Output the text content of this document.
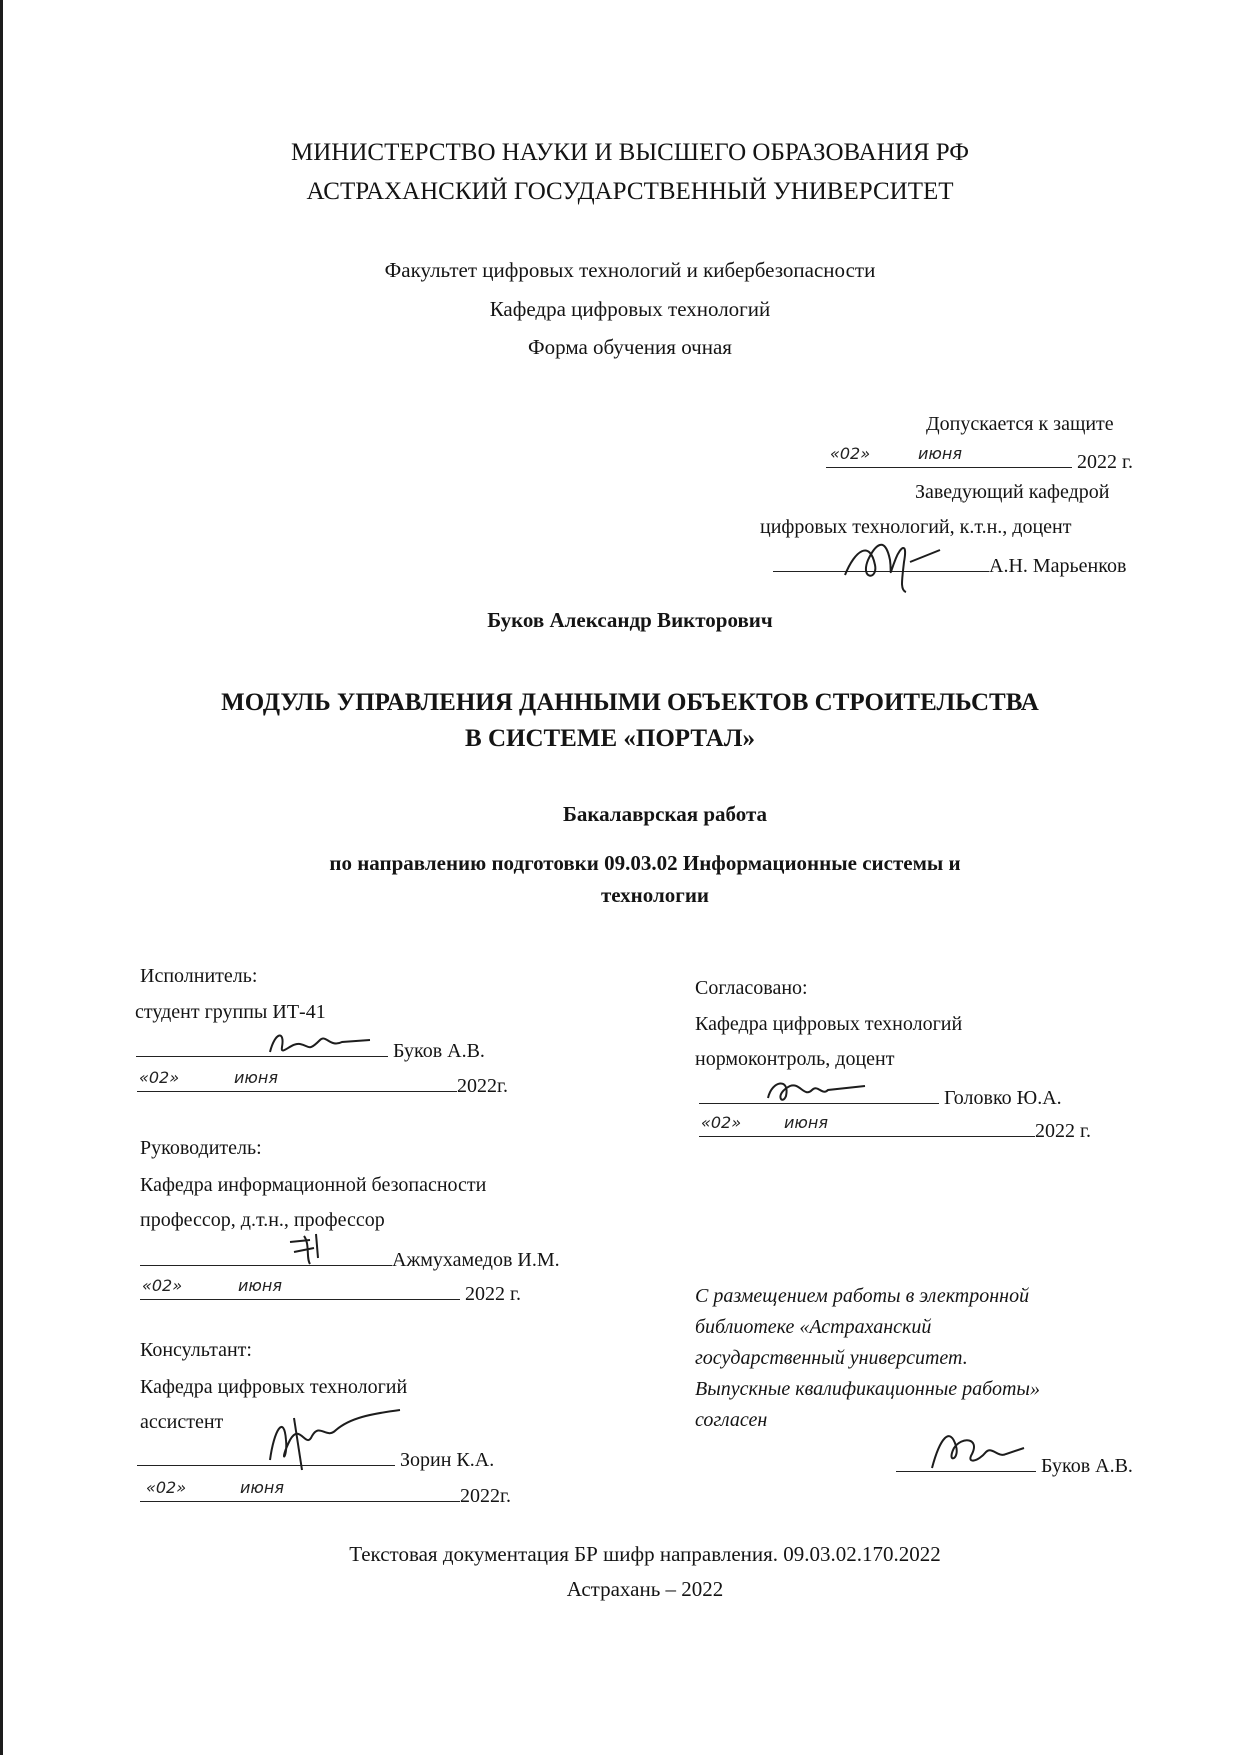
МИНИСТЕРСТВО НАУКИ И ВЫСШЕГО ОБРАЗОВАНИЯ РФ
АСТРАХАНСКИЙ ГОСУДАРСТВЕННЫЙ УНИВЕРСИТЕТ
Факультет цифровых технологий и кибербезопасности
Кафедра цифровых технологий
Форма обучения очная
Допускается к защите
«02»	июня	2022 г.
Заведующий кафедрой
цифровых технологий, к.т.н., доцент
А.Н. Марьенков
Буков Александр Викторович
МОДУЛЬ УПРАВЛЕНИЯ ДАННЫМИ ОБЪЕКТОВ СТРОИТЕЛЬСТВА
В СИСТЕМЕ «ПОРТАЛ»
Бакалаврская работа
по направлению подготовки 09.03.02 Информационные системы и
технологии
Исполнитель:
студент группы ИТ-41
Буков А.В.
«02»	июня	2022г.
Согласовано:
Кафедра цифровых технологий
нормоконтроль, доцент
Головко Ю.А.
«02»	июня	2022 г.
Руководитель:
Кафедра информационной безопасности
профессор, д.т.н., профессор
Ажмухамедов И.М.
«02»	июня	2022 г.	С размещением работы в электронной
библиотеке «Астраханский
государственный университет.
Выпускные квалификационные работы»
согласен
Буков А.В.
Консультант:
Кафедра цифровых технологий
ассистент
Зорин К.А.
«02»	июня	2022г.
Текстовая документация БР шифр направления. 09.03.02.170.2022
Астрахань – 2022
